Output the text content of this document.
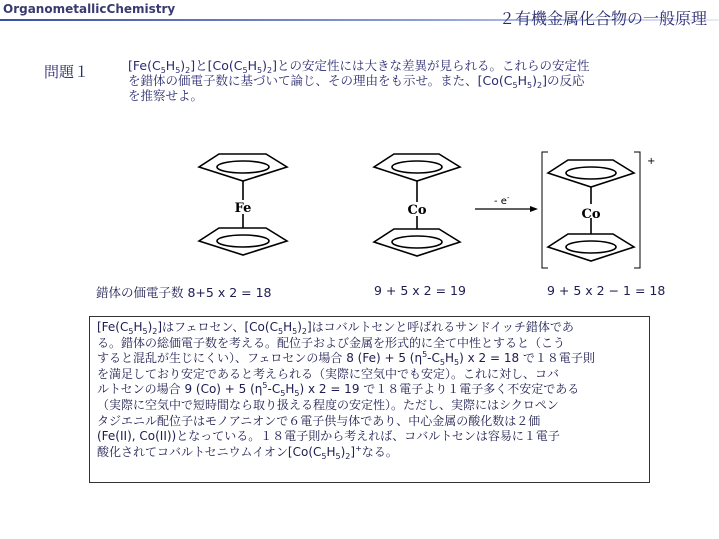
OrganometallicChemistry	２有機金属化合物の一般原理
問題１	$[Fe(C_5H_5)_2]$と$[Co(C_5H_5)_2]$との安定性には大きな差異が見られる。これらの安定性
を錯体の価電子数に基づいて論じ、その理由をも示せ。また、$[Co(C_5H_5)_2]$の反応
を推察せよ。
Fe	Co
- e-
Co
+
錯体の価電子数 8+5 x 2 = 18	9 + 5 x 2 = 19	9 + 5 x 2 − 1 = 18
$[Fe(C_5H_5)_2]$はフェロセン、$[Co(C_5H_5)_2]$はコバルトセンと呼ばれるサンドイッチ錯体であ
る。錯体の総価電子数を考える。配位子および金属を形式的に全て中性とすると（こう
すると混乱が生じにくい）、フェロセンの場合 8 (Fe) + 5 $(\eta^5-C_5H_5)$ x 2 = 18 で１８電子則
を満足しており安定であると考えられる（実際に空気中でも安定）。これに対し、コバ
ルトセンの場合 9 (Co) + 5 $(\eta^5-C_5H_5)$ x 2 = 19 で１８電子より１電子多く不安定である
（実際に空気中で短時間なら取り扱える程度の安定性）。ただし、実際にはシクロペン
タジエニル配位子はモノアニオンで６電子供与体であり、中心金属の酸化数は２価
(Fe(II), Co(II))となっている。１８電子則から考えれば、コバルトセンは容易に１電子
酸化されてコバルトセニウムイオン$[Co(C_5H_5)_2]^+$なる。
